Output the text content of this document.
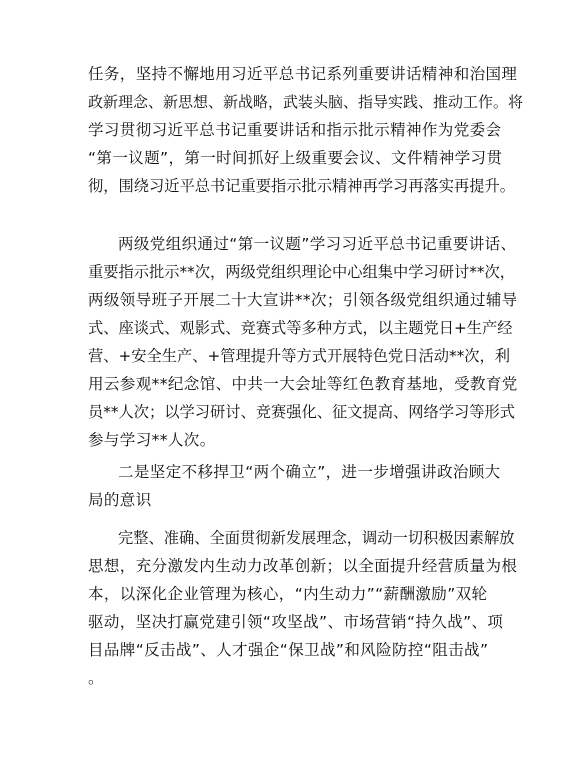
任务，坚持不懈地用习近平总书记系列重要讲话精神和治国理
政新理念、新思想、新战略，武装头脑、指导实践、推动工作。将
学习贯彻习近平总书记重要讲话和指示批示精神作为党委会
“第一议题”，第一时间抓好上级重要会议、文件精神学习贯
彻，围绕习近平总书记重要指示批示精神再学习再落实再提升。
两级党组织通过“第一议题”学习习近平总书记重要讲话、
重要指示批示**次，两级党组织理论中心组集中学习研讨**次，
两级领导班子开展二十大宣讲**次；引领各级党组织通过辅导
式、座谈式、观影式、竞赛式等多种方式，以主题党日+生产经
营、+安全生产、+管理提升等方式开展特色党日活动**次，利
用云参观**纪念馆、中共一大会址等红色教育基地，受教育党
员**人次；以学习研讨、竞赛强化、征文提高、网络学习等形式
参与学习**人次。
二是坚定不移捍卫“两个确立”，进一步增强讲政治顾大
局的意识
完整、准确、全面贯彻新发展理念，调动一切积极因素解放
思想，充分激发内生动力改革创新；以全面提升经营质量为根
本，以深化企业管理为核心，“内生动力”“薪酬激励”双轮
驱动，坚决打赢党建引领“攻坚战”、市场营销“持久战”、项
目品牌“反击战”、人才强企“保卫战”和风险防控“阻击战”
。
